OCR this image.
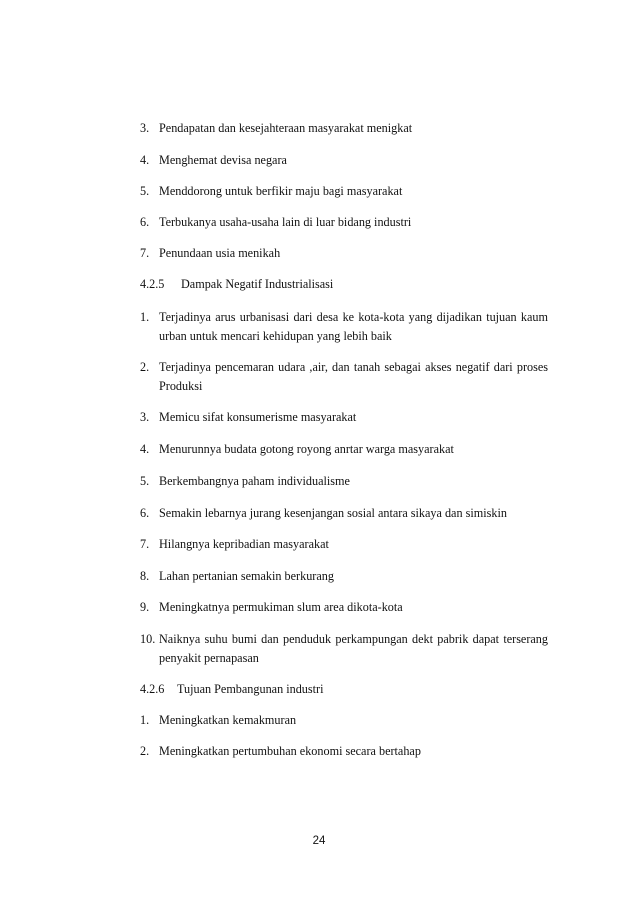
3. Pendapatan dan kesejahteraan masyarakat menigkat
4. Menghemat devisa negara
5. Menddorong untuk berfikir maju bagi masyarakat
6. Terbukanya usaha-usaha lain di luar bidang industri
7. Penundaan usia menikah
4.2.5 Dampak Negatif Industrialisasi
1. Terjadinya arus urbanisasi dari desa ke kota-kota yang dijadikan tujuan kaum
urban untuk mencari kehidupan yang lebih baik
2. Terjadinya pencemaran udara ,air, dan tanah sebagai akses negatif dari proses
Produksi
3. Memicu sifat konsumerisme masyarakat
4. Menurunnya budata gotong royong anrtar warga masyarakat
5. Berkembangnya paham individualisme
6. Semakin lebarnya jurang kesenjangan sosial antara sikaya dan simiskin
7. Hilangnya kepribadian masyarakat
8. Lahan pertanian semakin berkurang
9. Meningkatnya permukiman slum area dikota-kota
10. Naiknya suhu bumi dan penduduk perkampungan dekt pabrik dapat terserang
penyakit pernapasan
4.2.6 Tujuan Pembangunan industri
1. Meningkatkan kemakmuran
2. Meningkatkan pertumbuhan ekonomi secara bertahap
24
